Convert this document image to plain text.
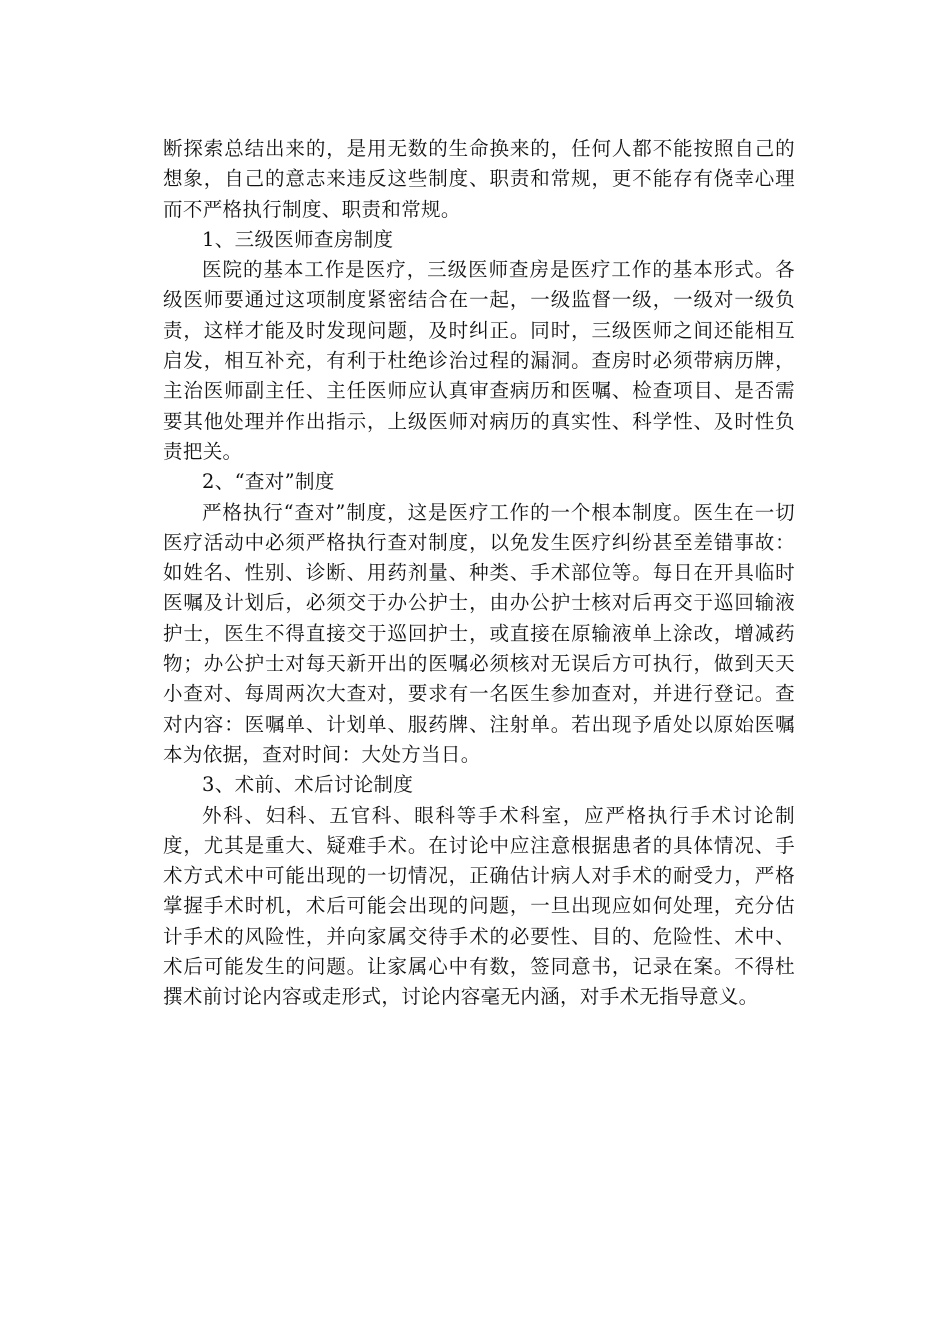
断探索总结出来的，是用无数的生命换来的，任何人都不能按照自己的想象，自己的意志来违反这些制度、职责和常规，更不能存有侥幸心理而不严格执行制度、职责和常规。

1、三级医师查房制度

医院的基本工作是医疗，三级医师查房是医疗工作的基本形式。各级医师要通过这项制度紧密结合在一起，一级监督一级，一级对一级负责，这样才能及时发现问题，及时纠正。同时，三级医师之间还能相互启发，相互补充，有利于杜绝诊治过程的漏洞。查房时必须带病历牌，主治医师副主任、主任医师应认真审查病历和医嘱、检查项目、是否需要其他处理并作出指示，上级医师对病历的真实性、科学性、及时性负责把关。

2、“查对”制度

严格执行“查对”制度，这是医疗工作的一个根本制度。医生在一切医疗活动中必须严格执行查对制度，以免发生医疗纠纷甚至差错事故：如姓名、性别、诊断、用药剂量、种类、手术部位等。每日在开具临时医嘱及计划后，必须交于办公护士，由办公护士核对后再交于巡回输液护士，医生不得直接交于巡回护士，或直接在原输液单上涂改，增减药物；办公护士对每天新开出的医嘱必须核对无误后方可执行，做到天天小查对、每周两次大查对，要求有一名医生参加查对，并进行登记。查对内容：医嘱单、计划单、服药牌、注射单。若出现予盾处以原始医嘱本为依据，查对时间：大处方当日。

3、术前、术后讨论制度

外科、妇科、五官科、眼科等手术科室，应严格执行手术讨论制度，尤其是重大、疑难手术。在讨论中应注意根据患者的具体情况、手术方式术中可能出现的一切情况，正确估计病人对手术的耐受力，严格掌握手术时机，术后可能会出现的问题，一旦出现应如何处理，充分估计手术的风险性，并向家属交待手术的必要性、目的、危险性、术中、术后可能发生的问题。让家属心中有数，签同意书，记录在案。不得杜撰术前讨论内容或走形式，讨论内容毫无内涵，对手术无指导意义。
